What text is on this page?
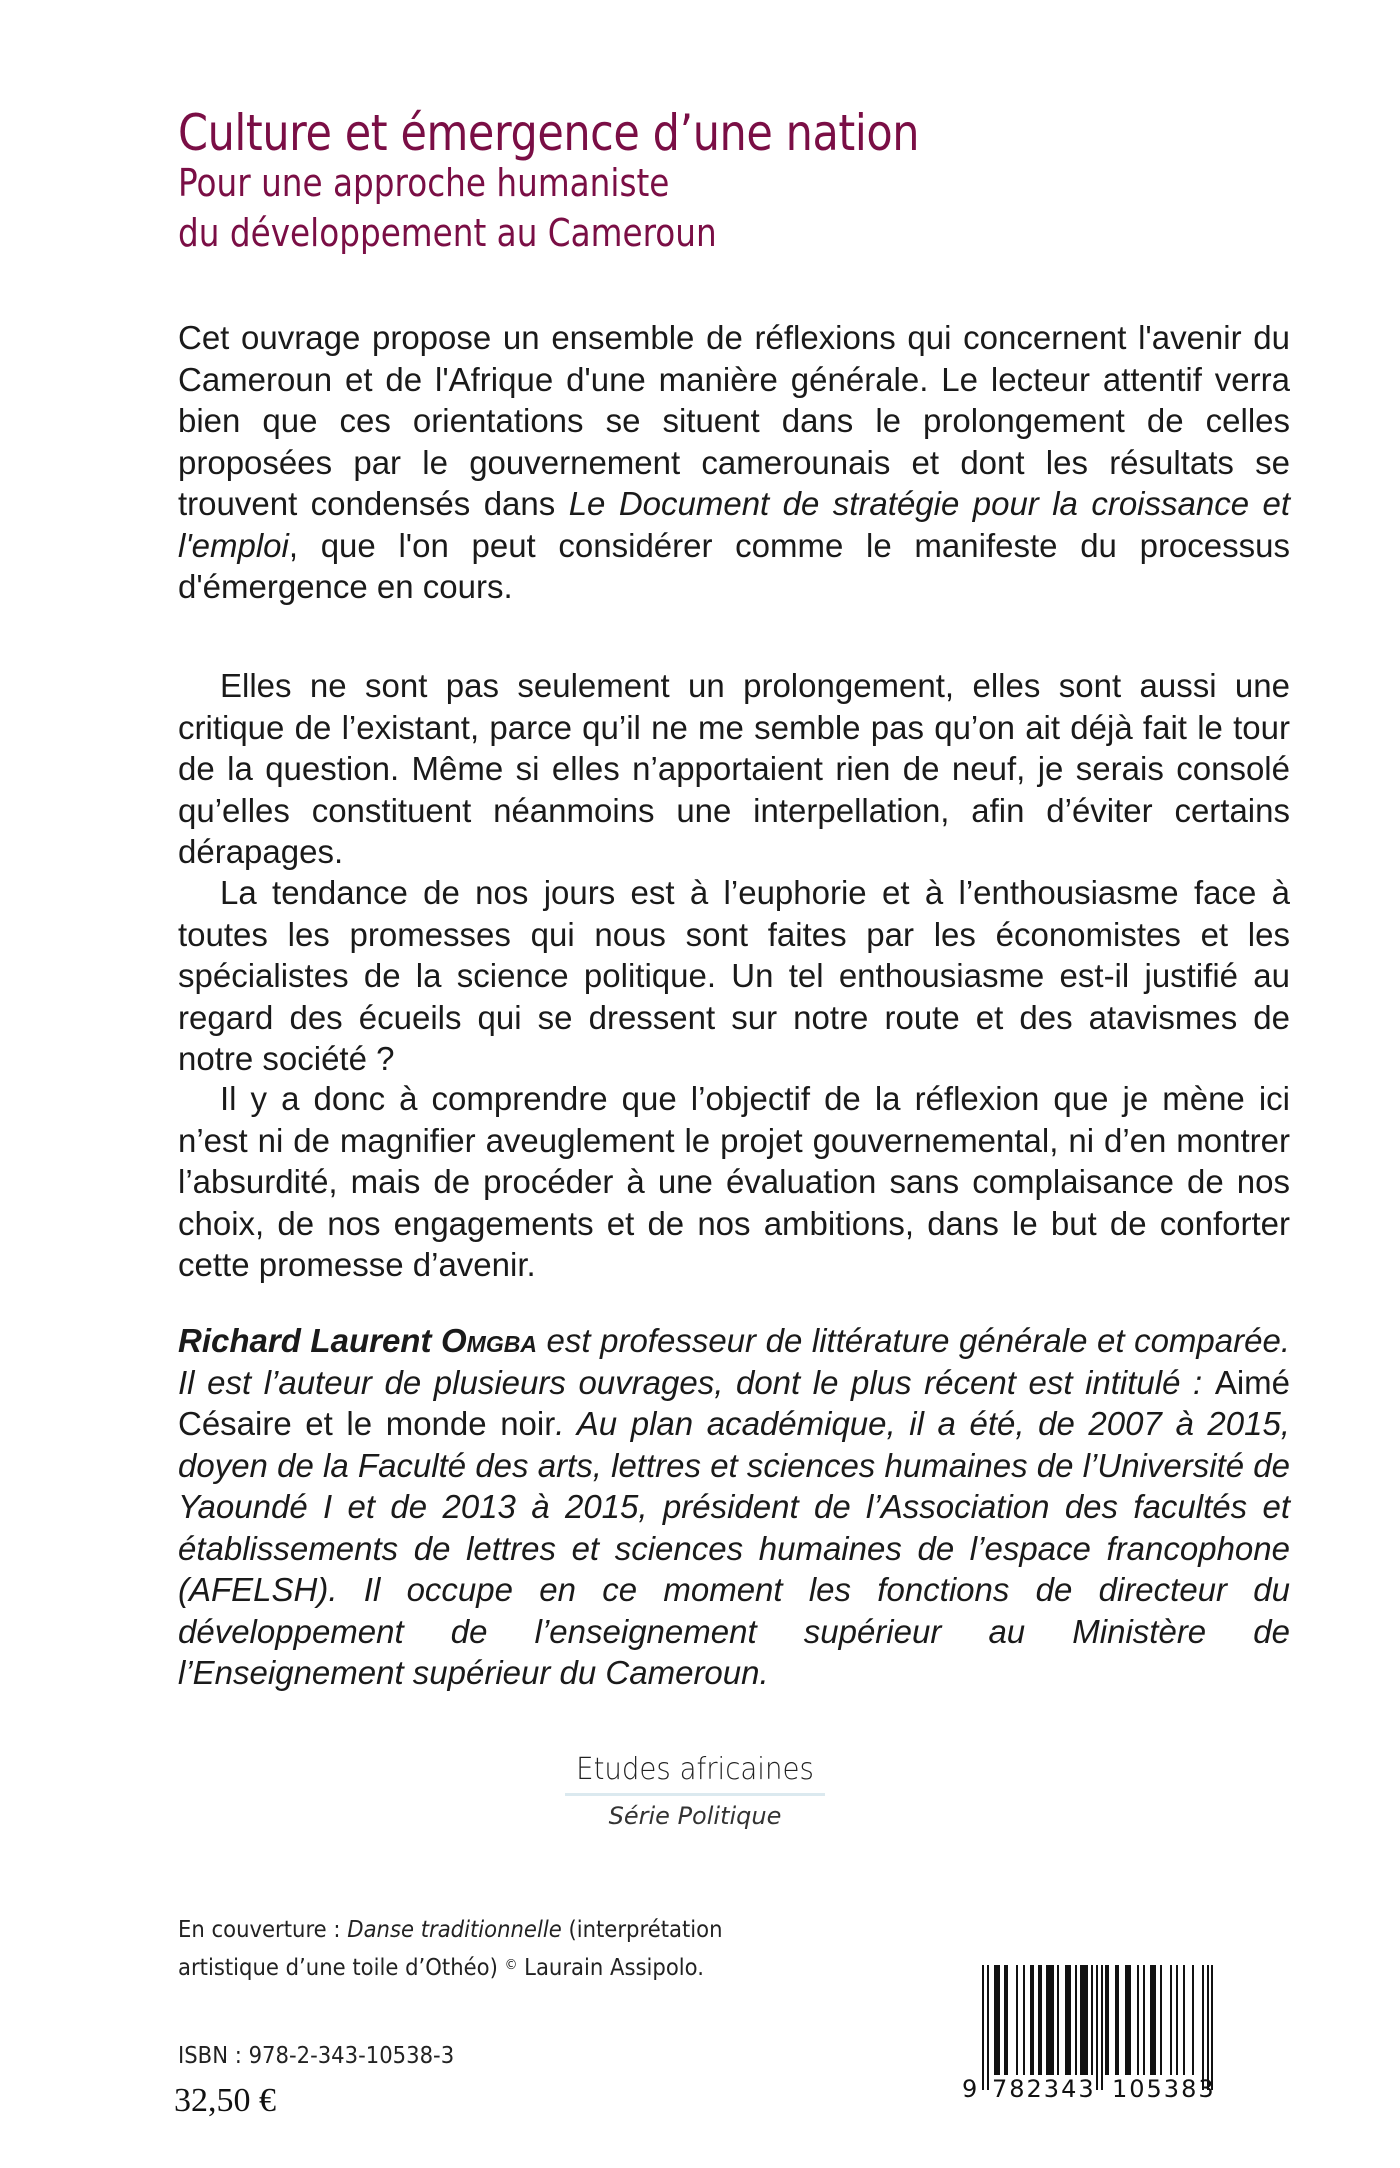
Culture et émergence d’une nation
Pour une approche humaniste
du développement au Cameroun

Cet ouvrage propose un ensemble de réflexions qui concernent l'avenir du Cameroun et de l'Afrique d'une manière générale. Le lecteur attentif verra bien que ces orientations se situent dans le prolongement de celles proposées par le gouvernement camerounais et dont les résultats se trouvent condensés dans Le Document de stratégie pour la croissance et l'emploi, que l'on peut considérer comme le manifeste du processus d'émergence en cours.

Elles ne sont pas seulement un prolongement, elles sont aussi une critique de l’existant, parce qu’il ne me semble pas qu’on ait déjà fait le tour de la question. Même si elles n’apportaient rien de neuf, je serais consolé qu’elles constituent néanmoins une interpellation, afin d’éviter certains dérapages.

La tendance de nos jours est à l’euphorie et à l’enthousiasme face à toutes les promesses qui nous sont faites par les économistes et les spécialistes de la science politique. Un tel enthousiasme est-il justifié au regard des écueils qui se dressent sur notre route et des atavismes de notre société ?

Il y a donc à comprendre que l’objectif de la réflexion que je mène ici n’est ni de magnifier aveuglement le projet gouvernemental, ni d’en montrer l’absurdité, mais de procéder à une évaluation sans complaisance de nos choix, de nos engagements et de nos ambitions, dans le but de conforter cette promesse d’avenir.

Richard Laurent Omgba est professeur de littérature générale et comparée. Il est l’auteur de plusieurs ouvrages, dont le plus récent est intitulé : Aimé Césaire et le monde noir. Au plan académique, il a été, de 2007 à 2015, doyen de la Faculté des arts, lettres et sciences humaines de l’Université de Yaoundé I et de 2013 à 2015, président de l’Association des facultés et établissements de lettres et sciences humaines de l’espace francophone (AFELSH). Il occupe en ce moment les fonctions de directeur du développement de l’enseignement supérieur au Ministère de l’Enseignement supérieur du Cameroun.

Etudes africaines
Série Politique
En couverture : Danse traditionnelle (interprétation
artistique d’une toile d’Othéo) © Laurain Assipolo.
ISBN : 978-2-343-10538-3
32,50 €	9 782343 105383
